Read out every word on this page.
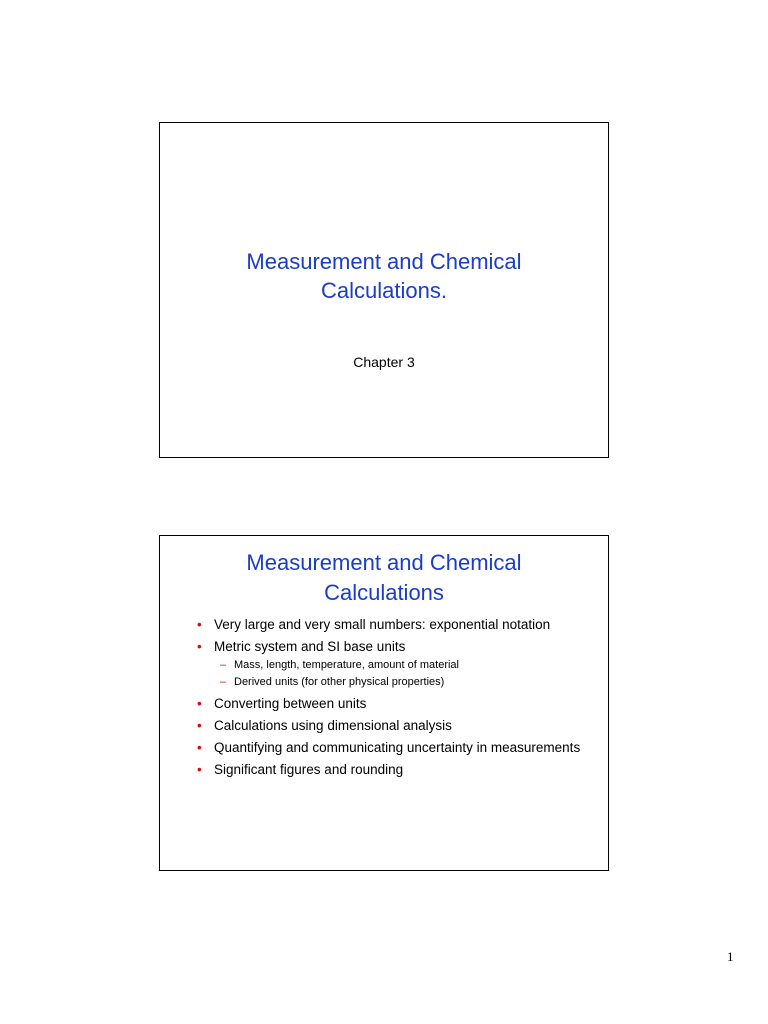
Measurement and Chemical
Calculations.
Chapter 3
Measurement and Chemical
Calculations
• Very large and very small numbers: exponential notation
• Metric system and SI base units
– Mass, length, temperature, amount of material
– Derived units (for other physical properties)
• Converting between units
• Calculations using dimensional analysis
• Quantifying and communicating uncertainty in measurements
• Significant figures and rounding
1
